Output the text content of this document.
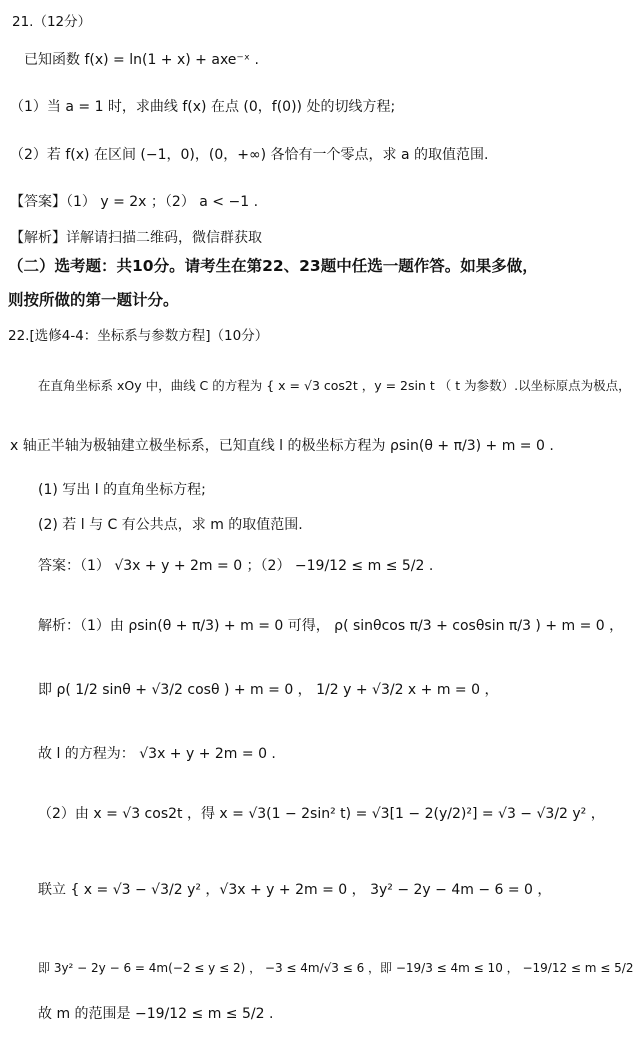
21.（12分）
已知函数 f(x) = ln(1 + x) + axe⁻ˣ .
（1）当 a = 1 时，求曲线 f(x) 在点 (0，f(0)) 处的切线方程;
（2）若 f(x) 在区间 (−1，0)，(0，+∞) 各恰有一个零点，求 a 的取值范围.
【答案】（1） y = 2x ；（2） a < −1 .
【解析】详解请扫描二维码，微信群获取
（二）选考题：共10分。请考生在第22、23题中任选一题作答。如果多做，
则按所做的第一题计分。
22.[选修4-4：坐标系与参数方程]（10分）
在直角坐标系 xOy 中，曲线 C 的方程为 { x = √3 cos2t ，y = 2sin t （ t 为参数）.以坐标原点为极点，
x 轴正半轴为极轴建立极坐标系，已知直线 l 的极坐标方程为 ρsin(θ + π/3) + m = 0 .
(1) 写出 l 的直角坐标方程;
(2) 若 l 与 C 有公共点，求 m 的取值范围.
答案：（1） √3x + y + 2m = 0 ；（2） −19/12 ≤ m ≤ 5/2 .
解析：（1）由 ρsin(θ + π/3) + m = 0 可得， ρ( sinθcos π/3 + cosθsin π/3 ) + m = 0 ，
即 ρ( 1/2 sinθ + √3/2 cosθ ) + m = 0 ， 1/2 y + √3/2 x + m = 0 ，
故 l 的方程为： √3x + y + 2m = 0 .
（2）由 x = √3 cos2t ，得 x = √3(1 − 2sin² t) = √3[1 − 2(y/2)²] = √3 − √3/2 y² ，
联立 { x = √3 − √3/2 y² ，√3x + y + 2m = 0 ， 3y² − 2y − 4m − 6 = 0 ，
即 3y² − 2y − 6 = 4m(−2 ≤ y ≤ 2) ， −3 ≤ 4m/√3 ≤ 6 ，即 −19/3 ≤ 4m ≤ 10 ， −19/12 ≤ m ≤ 5/2
故 m 的范围是 −19/12 ≤ m ≤ 5/2 .
